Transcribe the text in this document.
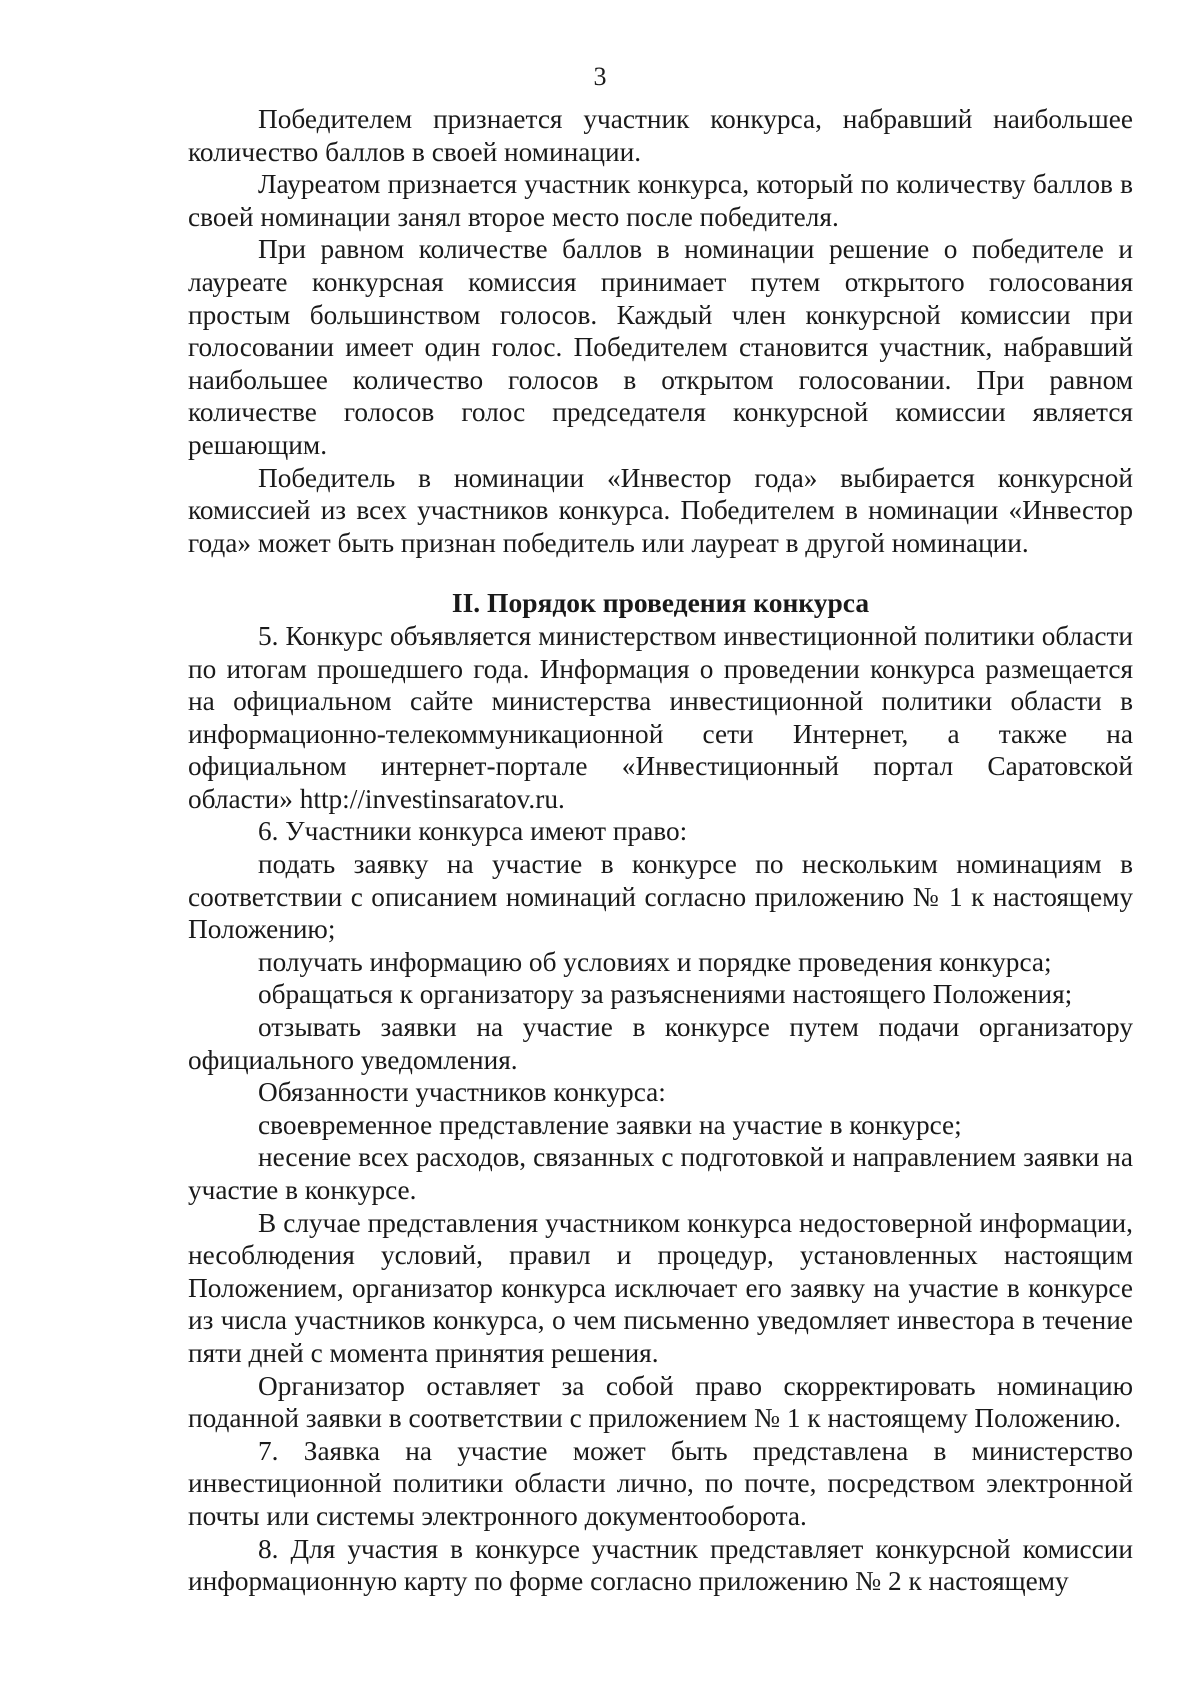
3

Победителем признается участник конкурса, набравший наибольшее количество баллов в своей номинации.

Лауреатом признается участник конкурса, который по количеству баллов в своей номинации занял второе место после победителя.

При равном количестве баллов в номинации решение о победителе и лауреате конкурсная комиссия принимает путем открытого голосования простым большинством голосов. Каждый член конкурсной комиссии при голосовании имеет один голос. Победителем становится участник, набравший наибольшее количество голосов в открытом голосовании. При равном количестве голосов голос председателя конкурсной комиссии является решающим.

Победитель в номинации «Инвестор года» выбирается конкурсной комиссией из всех участников конкурса. Победителем в номинации «Инвестор года» может быть признан победитель или лауреат в другой номинации.

II. Порядок проведения конкурса

5. Конкурс объявляется министерством инвестиционной политики области по итогам прошедшего года. Информация о проведении конкурса размещается на официальном сайте министерства инвестиционной политики области в информационно-телекоммуникационной сети Интернет, а также на официальном интернет-портале «Инвестиционный портал Саратовской области» http://investinsaratov.ru.

6. Участники конкурса имеют право:

подать заявку на участие в конкурсе по нескольким номинациям в соответствии с описанием номинаций согласно приложению № 1 к настоящему Положению;

получать информацию об условиях и порядке проведения конкурса;

обращаться к организатору за разъяснениями настоящего Положения;

отзывать заявки на участие в конкурсе путем подачи организатору официального уведомления.

Обязанности участников конкурса:

своевременное представление заявки на участие в конкурсе;

несение всех расходов, связанных с подготовкой и направлением заявки на участие в конкурсе.

В случае представления участником конкурса недостоверной информации, несоблюдения условий, правил и процедур, установленных настоящим Положением, организатор конкурса исключает его заявку на участие в конкурсе из числа участников конкурса, о чем письменно уведомляет инвестора в течение пяти дней с момента принятия решения.

Организатор оставляет за собой право скорректировать номинацию поданной заявки в соответствии с приложением № 1 к настоящему Положению.

7. Заявка на участие может быть представлена в министерство инвестиционной политики области лично, по почте, посредством электронной почты или системы электронного документооборота.

8. Для участия в конкурсе участник представляет конкурсной комиссии информационную карту по форме согласно приложению № 2 к настоящему
